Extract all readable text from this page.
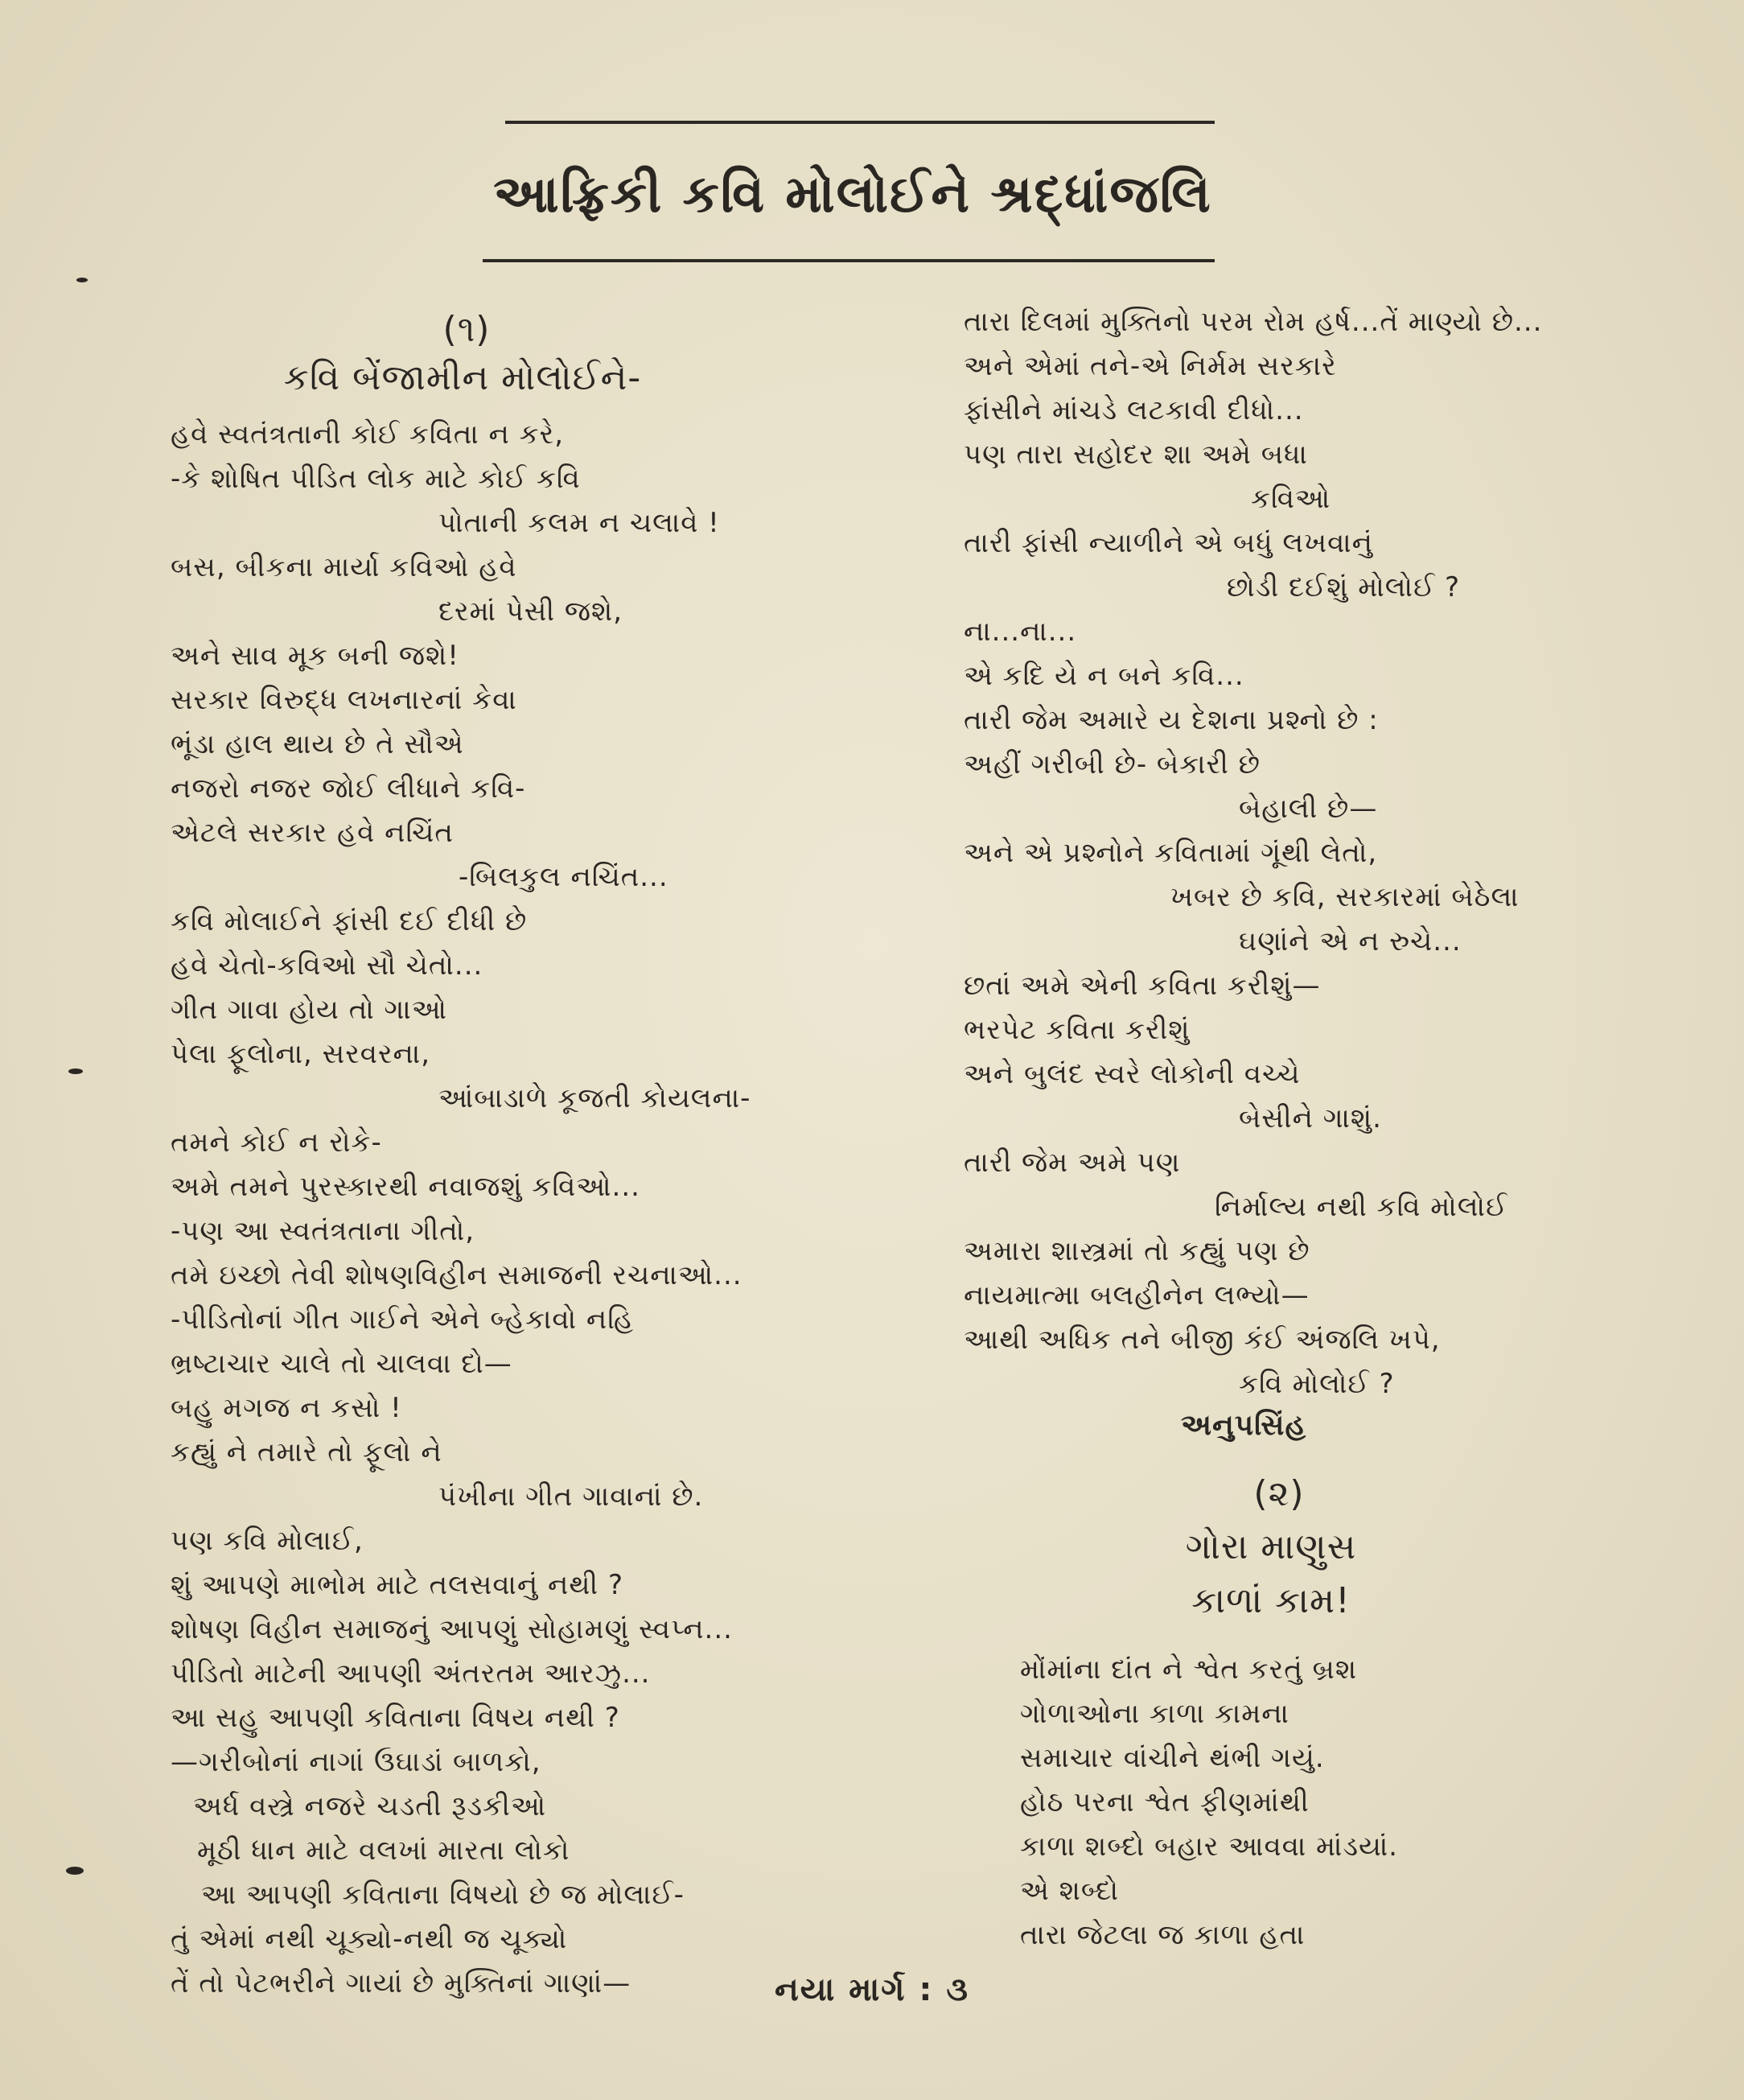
આફ્રિકી કવિ મોલોઈને શ્રદ્ધાંજલિ
(૧)
કવિ બેંજામીન મોલોઈને-
હવે સ્વતંત્રતાની કોઈ કવિતા ન કરે,
-કે શોષિત પીડિત લોક માટે કોઈ કવિ
પોતાની કલમ ન ચલાવે !
બસ, બીકના માર્યા કવિઓ હવે
દરમાં પેસી જશે,
અને સાવ મૂક બની જશે!
સરકાર વિરુદ્ધ લખનારનાં કેવા
ભૂંડા હાલ થાય છે તે સૌએ
નજરો નજર જોઈ લીધાને કવિ-
એટલે સરકાર હવે નચિંત
-બિલકુલ નચિંત...
કવિ મોલાઈને ફાંસી દઈ દીધી છે
હવે ચેતો-કવિઓ સૌ ચેતો...
ગીત ગાવા હોય તો ગાઓ
પેલા ફૂલોના, સરવરના,
આંબાડાળે કૂજતી કોયલના-
તમને કોઈ ન રોકે-
અમે તમને પુરસ્કારથી નવાજશું કવિઓ...
-પણ આ સ્વતંત્રતાના ગીતો,
તમે ઇચ્છો તેવી શોષણવિહીન સમાજની રચનાઓ...
-પીડિતોનાં ગીત ગાઈને એને બ્હેકાવો નહિ
ભ્રષ્ટાચાર ચાલે તો ચાલવા દો—
બહુ મગજ ન કસો !
કહ્યું ને તમારે તો ફૂલો ને
પંખીના ગીત ગાવાનાં છે.
પણ કવિ મોલાઈ,
શું આપણે માભોમ માટે તલસવાનું નથી ?
શોષણ વિહીન સમાજનું આપણું સોહામણું સ્વપ્ન...
પીડિતો માટેની આપણી અંતરતમ આરઝુ...
આ સહુ આપણી કવિતાના વિષય નથી ?
—ગરીબોનાં નાગાં ઉઘાડાં બાળકો,
અર્ધ વસ્ત્રે નજરે ચડતી રૂડકીઓ
મૂઠી ધાન માટે વલખાં મારતા લોકો
આ આપણી કવિતાના વિષયો છે જ મોલાઈ-
તું એમાં નથી ચૂક્યો-નથી જ ચૂક્યો
તેં તો પેટભરીને ગાયાં છે મુક્તિનાં ગાણાં—
તારા દિલમાં મુક્તિનો પરમ રોમ હર્ષ...તેં માણ્યો છે...
અને એમાં તને-એ નિર્મમ સરકારે
ફાંસીને માંચડે લટકાવી દીધો...
પણ તારા સહોદર શા અમે બધા
કવિઓ
તારી ફાંસી ન્યાળીને એ બધું લખવાનું
છોડી દઈશું મોલોઈ ?
ના...ના...
એ કદિ યે ન બને કવિ...
તારી જેમ અમારે ય દેશના પ્રશ્નો છે :
અહીં ગરીબી છે- બેકારી છે
બેહાલી છે—
અને એ પ્રશ્નોને કવિતામાં ગૂંથી લેતો,
ખબર છે કવિ, સરકારમાં બેઠેલા
ઘણાંને એ ન રુચે...
છતાં અમે એની કવિતા કરીશું—
ભરપેટ કવિતા કરીશું
અને બુલંદ સ્વરે લોકોની વચ્ચે
બેસીને ગાશું.
તારી જેમ અમે પણ
નિર્માલ્ય નથી કવિ મોલોઈ
અમારા શાસ્ત્રમાં તો કહ્યું પણ છે
નાયમાત્મા બલહીનેન લભ્યો—
આથી અધિક તને બીજી કંઈ અંજલિ ખપે,
કવિ મોલોઈ ?
અનુપસિંહ
(૨)
ગોરા માણુસ
કાળાં કામ!
મોંમાંના દાંત ને શ્વેત કરતું બ્રશ
ગોળાઓના કાળા કામના
સમાચાર વાંચીને થંભી ગયું.
હોઠ પરના શ્વેત ફીણમાંથી
કાળા શબ્દો બહાર આવવા માંડયાં.
એ શબ્દો
તારા જેટલા જ કાળા હતા
નયા માર્ગ : ૩
